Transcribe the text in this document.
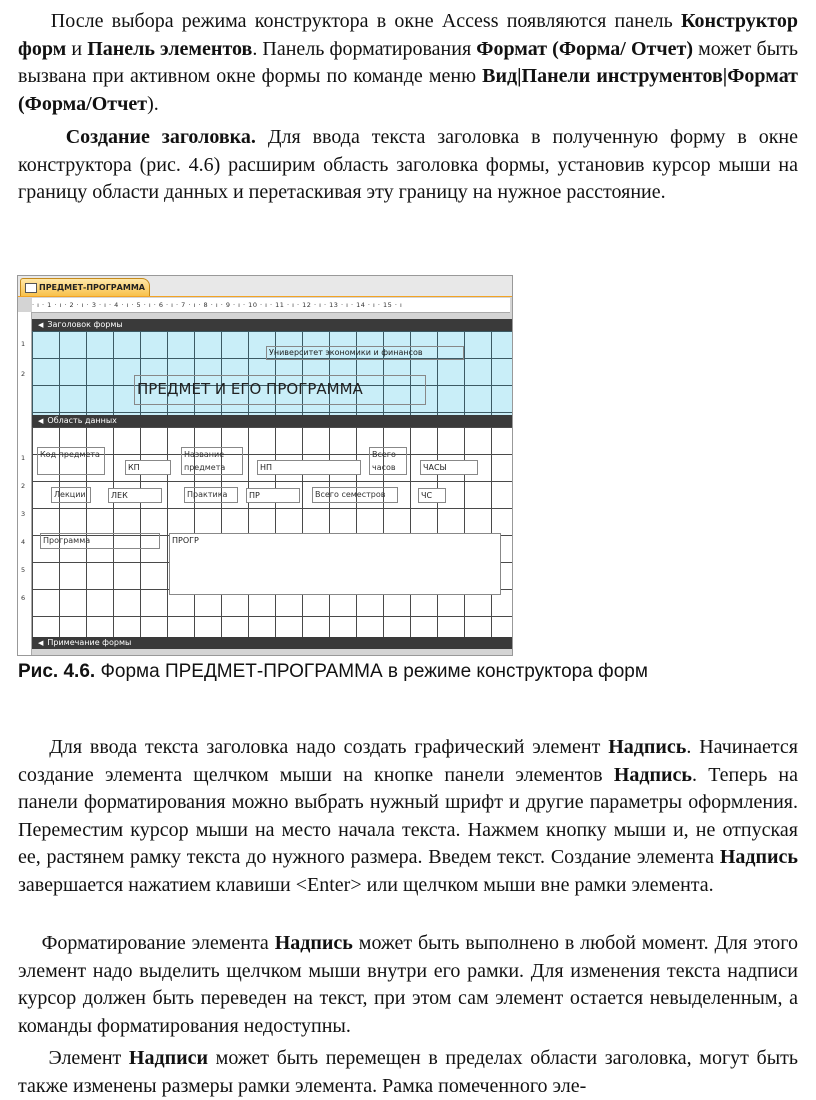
После выбора режима конструктора в окне Access появляются панель Конструктор форм и Панель элементов. Панель форматирования Формат (Форма/ Отчет) может быть вызвана при активном окне формы по команде меню Вид|Панели инструментов|Формат (Форма/Отчет).
Создание заголовка. Для ввода текста заголовка в полученную форму в окне конструктора (рис. 4.6) расширим область заголовка формы, установив курсор мыши на границу области данных и перетаскивая эту границу на нужное расстояние.
ПРЕДМЕТ-ПРОГРАММА
· ı · 1 · ı · 2 · ı · 3 · ı · 4 · ı · 5 · ı · 6 · ı · 7 · ı · 8 · ı · 9 · ı · 10 · ı · 11 · ı · 12 · ı · 13 · ı · 14 · ı · 15 · ı
1
2
1
2
3
4
5
6
◀ Заголовок формы
Университет экономики и финансов
ПРЕДМЕТ И ЕГО ПРОГРАММА
◀ Область данных
Код предмета
КП
Название предмета	НП
Всего часов	ЧАСЫ
Лекции	ЛЕК	Практика	ПР	Всего семестров	ЧС
Программа	ПРОГР
◀ Примечание формы
Рис. 4.6. Форма ПРЕДМЕТ-ПРОГРАММА в режиме конструктора форм
Для ввода текста заголовка надо создать графический элемент Надпись. Начинается создание элемента щелчком мыши на кнопке панели элементов Надпись. Теперь на панели форматирования можно выбрать нужный шрифт и другие параметры оформления. Переместим курсор мыши на место начала текста. Нажмем кнопку мыши и, не отпуская ее, растянем рамку текста до нужного размера. Введем текст. Создание элемента Надпись завершается нажатием клавиши <Enter> или щелчком мыши вне рамки элемента.
Форматирование элемента Надпись может быть выполнено в любой момент. Для этого элемент надо выделить щелчком мыши внутри его рамки. Для изменения текста надписи курсор должен быть переведен на текст, при этом сам элемент остается невыделенным, а команды форматирования недоступны.
Элемент Надписи может быть перемещен в пределах области заголовка, могут быть также изменены размеры рамки элемента. Рамка помеченного эле-
